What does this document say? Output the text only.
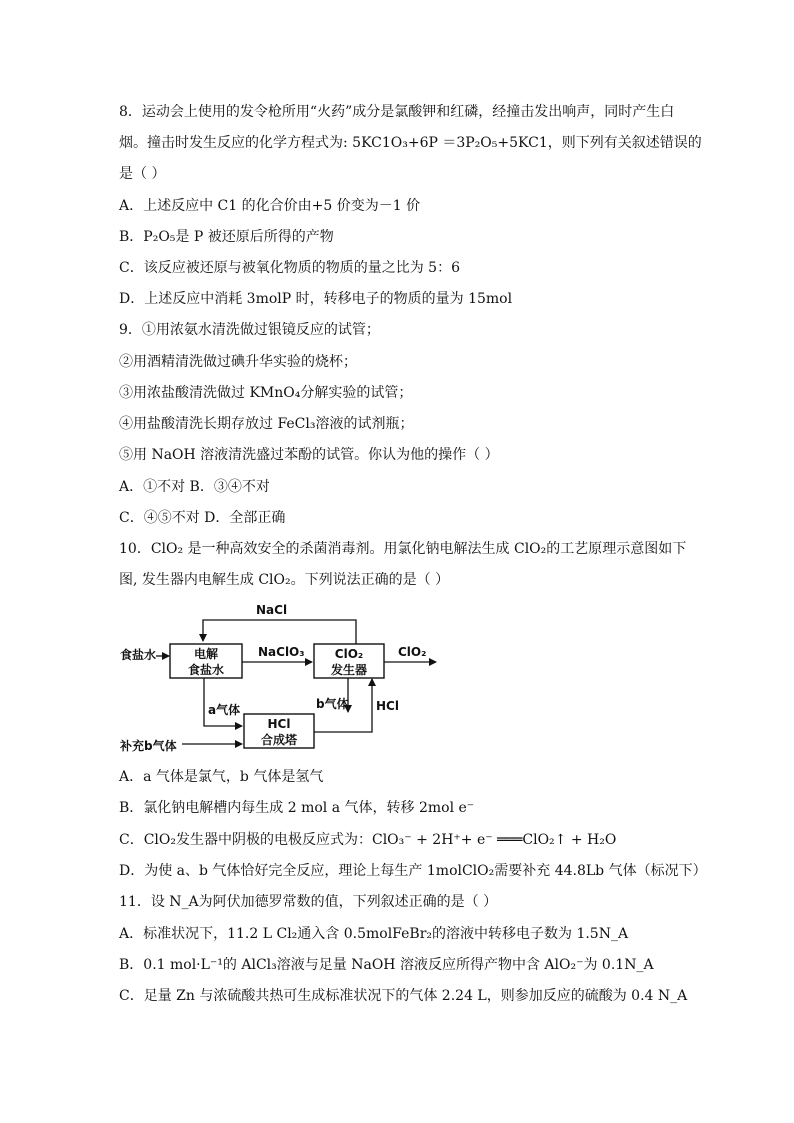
8．运动会上使用的发令枪所用“火药”成分是氯酸钾和红磷，经撞击发出响声，同时产生白
烟。撞击时发生反应的化学方程式为: 5KC1O₃+6P ＝3P₂O₅+5KC1，则下列有关叙述错误的
是（ ）
A．上述反应中 C1 的化合价由+5 价变为－1 价
B．P₂O₅是 P 被还原后所得的产物
C．该反应被还原与被氧化物质的物质的量之比为 5：6
D．上述反应中消耗 3molP 时，转移电子的物质的量为 15mol
9．①用浓氨水清洗做过银镜反应的试管；
②用酒精清洗做过碘升华实验的烧杯；
③用浓盐酸清洗做过 KMnO₄分解实验的试管；
④用盐酸清洗长期存放过 FeCl₃溶液的试剂瓶；
⑤用 NaOH 溶液清洗盛过苯酚的试管。你认为他的操作（ ）
A．①不对 B．③④不对
C．④⑤不对 D．全部正确
10．ClO₂ 是一种高效安全的杀菌消毒剂。用氯化钠电解法生成 ClO₂的工艺原理示意图如下
图, 发生器内电解生成 ClO₂。下列说法正确的是（ ）
NaCl
食盐水	电解
食盐水
NaClO₃	ClO₂
发生器
ClO₂
a气体	b气体 HCl
HCl
合成塔
补充b气体
A．a 气体是氯气，b 气体是氢气
B．氯化钠电解槽内每生成 2 mol a 气体，转移 2mol e⁻
C．ClO₂发生器中阴极的电极反应式为：ClO₃⁻ + 2H⁺+ e⁻ ═══ClO₂↑ + H₂O
D．为使 a、b 气体恰好完全反应，理论上每生产 1molClO₂需要补充 44.8Lb 气体（标况下）
11．设 N_A为阿伏加德罗常数的值，下列叙述正确的是（ ）
A．标准状况下，11.2 L Cl₂通入含 0.5molFeBr₂的溶液中转移电子数为 1.5N_A
B．0.1 mol·L⁻¹的 AlCl₃溶液与足量 NaOH 溶液反应所得产物中含 AlO₂⁻为 0.1N_A
C．足量 Zn 与浓硫酸共热可生成标准状况下的气体 2.24 L，则参加反应的硫酸为 0.4 N_A
